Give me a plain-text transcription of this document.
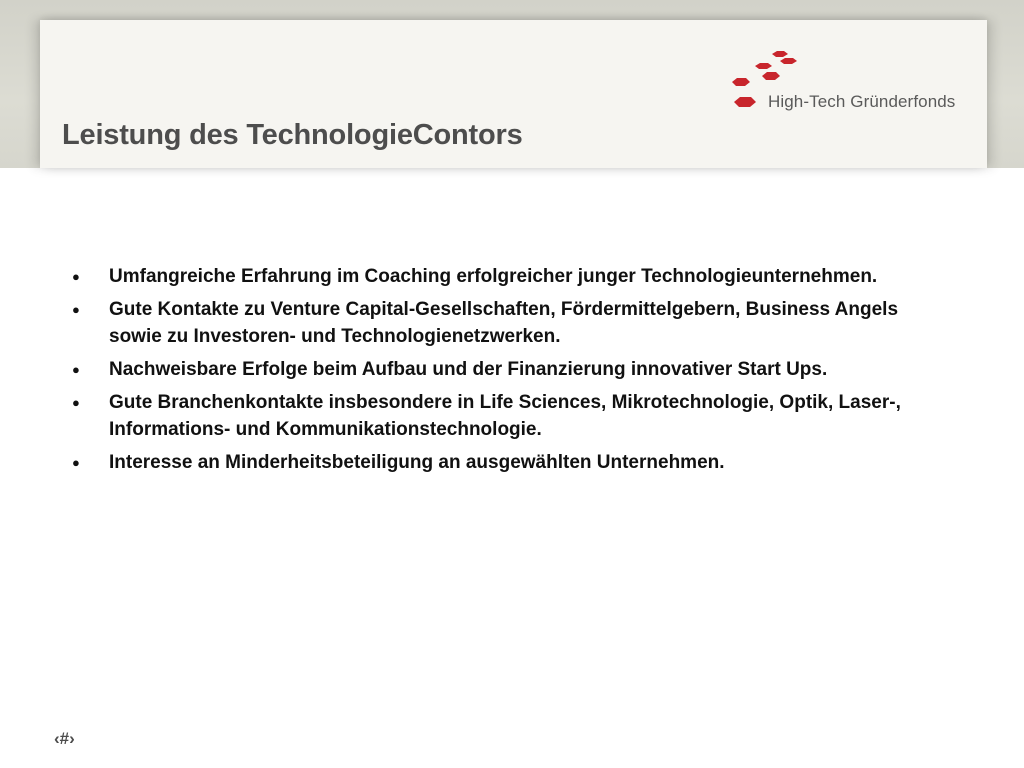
Leistung des TechnologieContors
High-Tech Gründerfonds
● Umfangreiche Erfahrung im Coaching erfolgreicher junger Technologieunternehmen.
● Gute Kontakte zu Venture Capital-Gesellschaften, Fördermittelgebern, Business Angels sowie zu Investoren- und Technologienetzwerken.
● Nachweisbare Erfolge beim Aufbau und der Finanzierung innovativer Start Ups.
● Gute Branchenkontakte insbesondere in Life Sciences, Mikrotechnologie, Optik, Laser-, Informations- und Kommunikationstechnologie.
● Interesse an Minderheitsbeteiligung an ausgewählten Unternehmen.
‹#›
